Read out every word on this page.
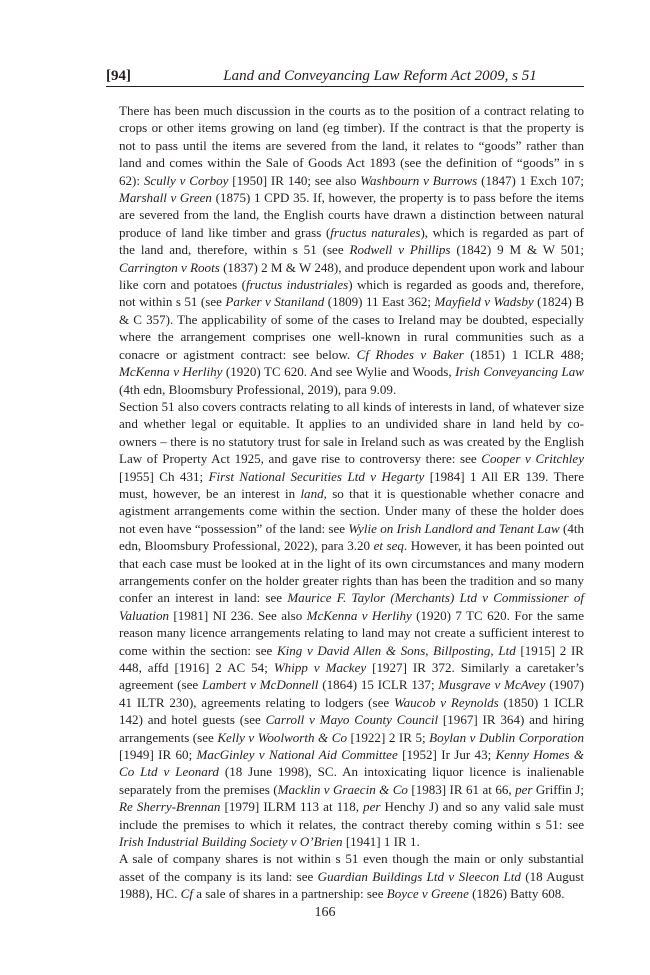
[94]	Land and Conveyancing Law Reform Act 2009, s 51

There has been much discussion in the courts as to the position of a contract relating to crops or other items growing on land (eg timber). If the contract is that the property is not to pass until the items are severed from the land, it relates to “goods” rather than land and comes within the Sale of Goods Act 1893 (see the definition of “goods” in s 62): Scully v Corboy [1950] IR 140; see also Washbourn v Burrows (1847) 1 Exch 107; Marshall v Green (1875) 1 CPD 35. If, however, the property is to pass before the items are severed from the land, the English courts have drawn a distinction between natural produce of land like timber and grass (fructus naturales), which is regarded as part of the land and, therefore, within s 51 (see Rodwell v Phillips (1842) 9 M & W 501; Carrington v Roots (1837) 2 M & W 248), and produce dependent upon work and labour like corn and potatoes (fructus industriales) which is regarded as goods and, therefore, not within s 51 (see Parker v Staniland (1809) 11 East 362; Mayfield v Wadsby (1824) B & C 357). The applicability of some of the cases to Ireland may be doubted, especially where the arrangement comprises one well-known in rural communities such as a conacre or agistment contract: see below. Cf Rhodes v Baker (1851) 1 ICLR 488; McKenna v Herlihy (1920) TC 620. And see Wylie and Woods, Irish Conveyancing Law (4th edn, Bloomsbury Professional, 2019), para 9.09.

Section 51 also covers contracts relating to all kinds of interests in land, of whatever size and whether legal or equitable. It applies to an undivided share in land held by co-owners – there is no statutory trust for sale in Ireland such as was created by the English Law of Property Act 1925, and gave rise to controversy there: see Cooper v Critchley [1955] Ch 431; First National Securities Ltd v Hegarty [1984] 1 All ER 139. There must, however, be an interest in land, so that it is questionable whether conacre and agistment arrangements come within the section. Under many of these the holder does not even have “possession” of the land: see Wylie on Irish Landlord and Tenant Law (4th edn, Bloomsbury Professional, 2022), para 3.20 et seq. However, it has been pointed out that each case must be looked at in the light of its own circumstances and many modern arrangements confer on the holder greater rights than has been the tradition and so many confer an interest in land: see Maurice F. Taylor (Merchants) Ltd v Commissioner of Valuation [1981] NI 236. See also McKenna v Herlihy (1920) 7 TC 620. For the same reason many licence arrangements relating to land may not create a sufficient interest to come within the section: see King v David Allen & Sons, Billposting, Ltd [1915] 2 IR 448, affd [1916] 2 AC 54; Whipp v Mackey [1927] IR 372. Similarly a caretaker’s agreement (see Lambert v McDonnell (1864) 15 ICLR 137; Musgrave v McAvey (1907) 41 ILTR 230), agreements relating to lodgers (see Waucob v Reynolds (1850) 1 ICLR 142) and hotel guests (see Carroll v Mayo County Council [1967] IR 364) and hiring arrangements (see Kelly v Woolworth & Co [1922] 2 IR 5; Boylan v Dublin Corporation [1949] IR 60; MacGinley v National Aid Committee [1952] Ir Jur 43; Kenny Homes & Co Ltd v Leonard (18 June 1998), SC. An intoxicating liquor licence is inalienable separately from the premises (Macklin v Graecin & Co [1983] IR 61 at 66, per Griffin J; Re Sherry-Brennan [1979] ILRM 113 at 118, per Henchy J) and so any valid sale must include the premises to which it relates, the contract thereby coming within s 51: see Irish Industrial Building Society v O’Brien [1941] 1 IR 1.

A sale of company shares is not within s 51 even though the main or only substantial asset of the company is its land: see Guardian Buildings Ltd v Sleecon Ltd (18 August 1988), HC. Cf a sale of shares in a partnership: see Boyce v Greene (1826) Batty 608.

166
